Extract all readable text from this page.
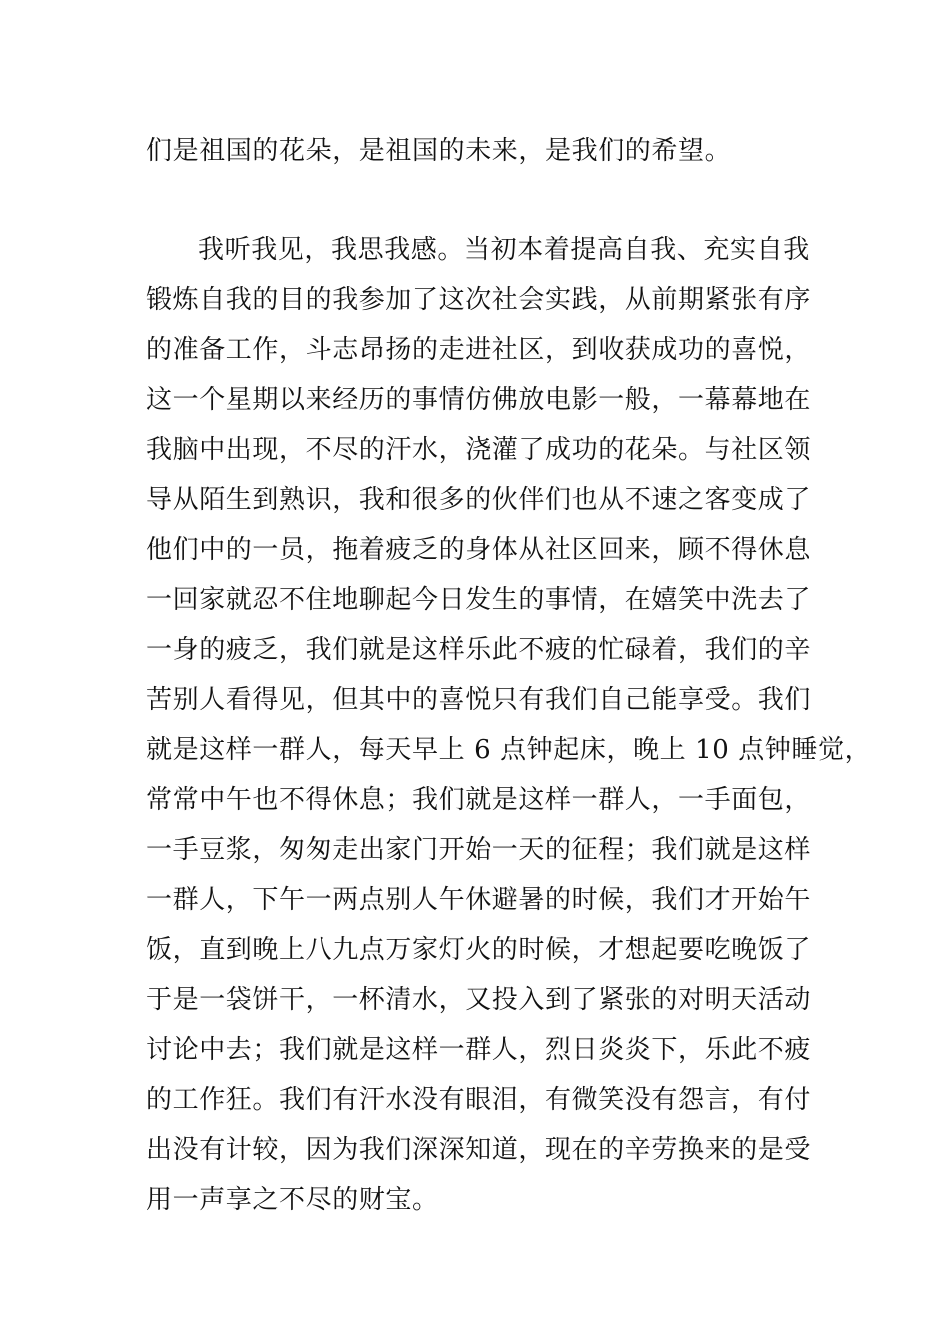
们是祖国的花朵，是祖国的未来，是我们的希望。
我听我见，我思我感。当初本着提高自我、充实自我
锻炼自我的目的我参加了这次社会实践，从前期紧张有序
的准备工作，斗志昂扬的走进社区，到收获成功的喜悦，
这一个星期以来经历的事情仿佛放电影一般，一幕幕地在
我脑中出现，不尽的汗水，浇灌了成功的花朵。与社区领
导从陌生到熟识，我和很多的伙伴们也从不速之客变成了
他们中的一员，拖着疲乏的身体从社区回来，顾不得休息
一回家就忍不住地聊起今日发生的事情，在嬉笑中洗去了
一身的疲乏，我们就是这样乐此不疲的忙碌着，我们的辛
苦别人看得见，但其中的喜悦只有我们自己能享受。我们
就是这样一群人，每天早上 6 点钟起床，晚上 10 点钟睡觉，
常常中午也不得休息；我们就是这样一群人，一手面包，
一手豆浆，匆匆走出家门开始一天的征程；我们就是这样
一群人，下午一两点别人午休避暑的时候，我们才开始午
饭，直到晚上八九点万家灯火的时候，才想起要吃晚饭了
于是一袋饼干，一杯清水，又投入到了紧张的对明天活动
讨论中去；我们就是这样一群人，烈日炎炎下，乐此不疲
的工作狂。我们有汗水没有眼泪，有微笑没有怨言，有付
出没有计较，因为我们深深知道，现在的辛劳换来的是受
用一声享之不尽的财宝。
